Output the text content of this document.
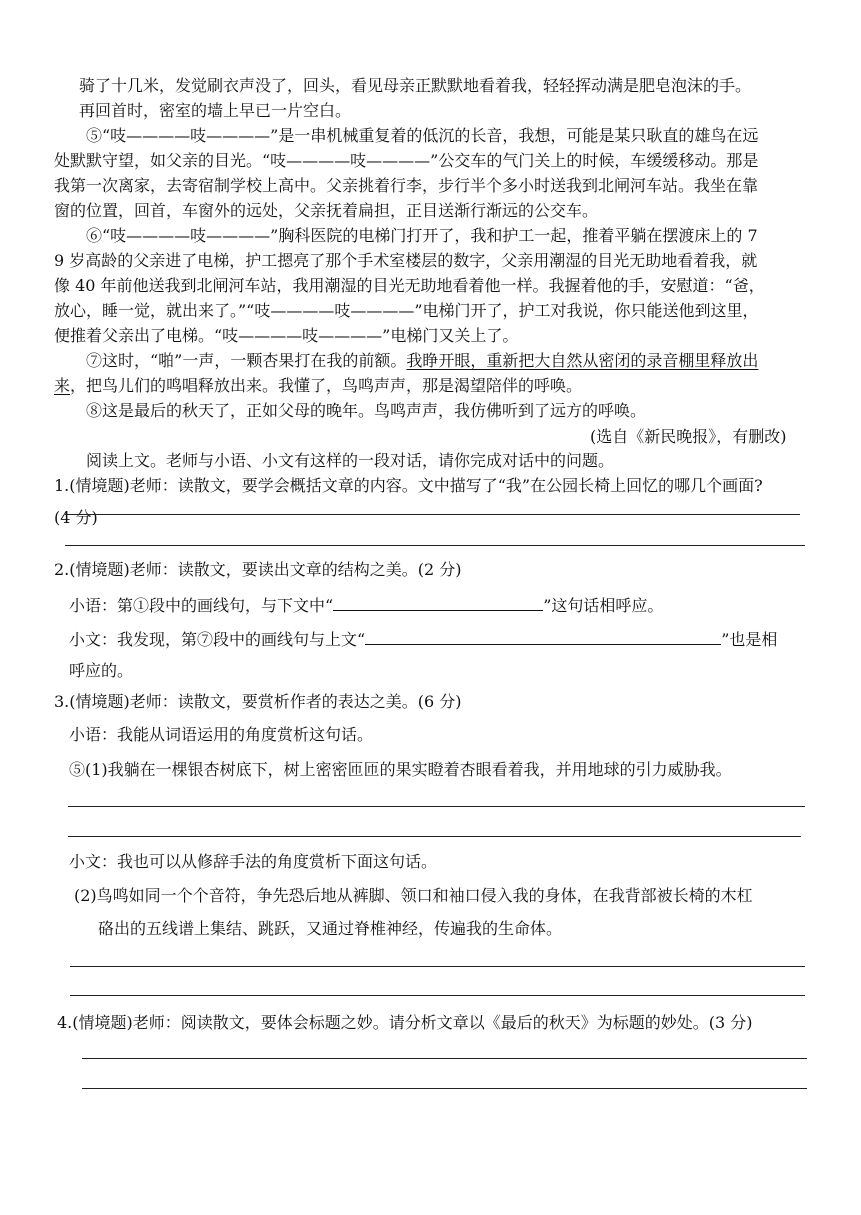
骑了十几米，发觉刷衣声没了，回头，看见母亲正默默地看着我，轻轻挥动满是肥皂泡沫的手。
再回首时，密室的墙上早已一片空白。
⑤“吱————吱————”是一串机械重复着的低沉的长音，我想，可能是某只耿直的雄鸟在远
处默默守望，如父亲的目光。“吱————吱————”公交车的气门关上的时候，车缓缓移动。那是
我第一次离家，去寄宿制学校上高中。父亲挑着行李，步行半个多小时送我到北闸河车站。我坐在靠
窗的位置，回首，车窗外的远处，父亲抚着扁担，正目送渐行渐远的公交车。
⑥“吱————吱————”胸科医院的电梯门打开了，我和护工一起，推着平躺在摆渡床上的 7
9 岁高龄的父亲进了电梯，护工摁亮了那个手术室楼层的数字，父亲用潮湿的目光无助地看着我，就
像 40 年前他送我到北闸河车站，我用潮湿的目光无助地看着他一样。我握着他的手，安慰道：“爸，
放心，睡一觉，就出来了。”“吱————吱————”电梯门开了，护工对我说，你只能送他到这里，
便推着父亲出了电梯。“吱————吱————”电梯门又关上了。
⑦这时，“啪”一声，一颗杏果打在我的前额。我睁开眼，重新把大自然从密闭的录音棚里释放出
来，把鸟儿们的鸣唱释放出来。我懂了，鸟鸣声声，那是渴望陪伴的呼唤。
⑧这是最后的秋天了，正如父母的晚年。鸟鸣声声，我仿佛听到了远方的呼唤。
(选自《新民晚报》，有删改)
阅读上文。老师与小语、小文有这样的一段对话，请你完成对话中的问题。
1.(情境题)老师：读散文，要学会概括文章的内容。文中描写了“我”在公园长椅上回忆的哪几个画面?
(4 分)
2.(情境题)老师：读散文，要读出文章的结构之美。(2 分)
小语：第①段中的画线句，与下文中“	”这句话相呼应。
小文：我发现，第⑦段中的画线句与上文“	”也是相
呼应的。
3.(情境题)老师：读散文，要赏析作者的表达之美。(6 分)
小语：我能从词语运用的角度赏析这句话。
⑤(1)我躺在一棵银杏树底下，树上密密匝匝的果实瞪着杏眼看着我，并用地球的引力威胁我。
小文：我也可以从修辞手法的角度赏析下面这句话。
(2)鸟鸣如同一个个音符，争先恐后地从裤脚、领口和袖口侵入我的身体，在我背部被长椅的木杠
硌出的五线谱上集结、跳跃，又通过脊椎神经，传遍我的生命体。
4.(情境题)老师：阅读散文，要体会标题之妙。请分析文章以《最后的秋天》为标题的妙处。(3 分)
